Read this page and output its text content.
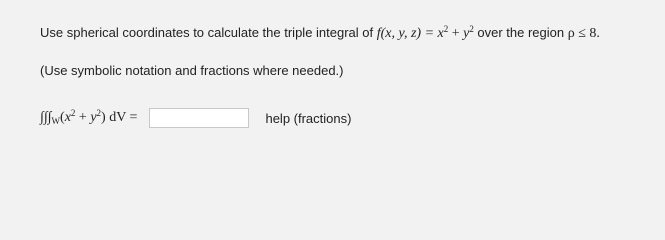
Use spherical coordinates to calculate the triple integral of f(x, y, $z) = x^2 + y^2$ over the region ρ ≤ 8.
(Use symbolic notation and fractions where needed.)
$\int\int\int_W(x^2 + y^2)$ dV =	help (fractions)
